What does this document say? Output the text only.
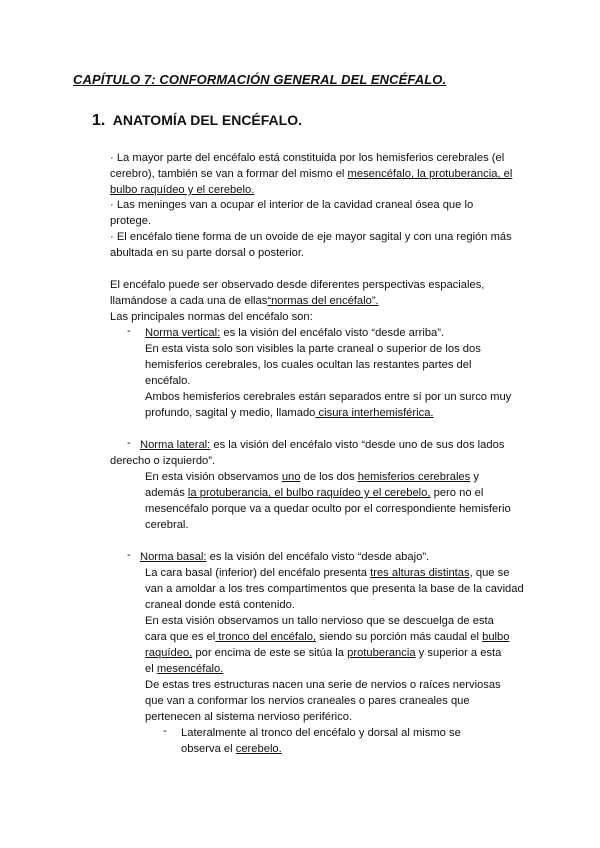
CAPÍTULO 7: CONFORMACIÓN GENERAL DEL ENCÉFALO.
1. ANATOMÍA DEL ENCÉFALO.
· La mayor parte del encéfalo está constituida por los hemisferios cerebrales (el cerebro), también se van a formar del mismo el mesencéfalo, la protuberancia, el bulbo raquídeo y el cerebelo.
· Las meninges van a ocupar el interior de la cavidad craneal ósea que lo protege.
· El encéfalo tiene forma de un ovoide de eje mayor sagital y con una región más abultada en su parte dorsal o posterior.
El encéfalo puede ser observado desde diferentes perspectivas espaciales, llamándose a cada una de ellas“normas del encéfalo”.
Las principales normas del encéfalo son:
- Norma vertical: es la visión del encéfalo visto “desde arriba”.
En esta vista solo son visibles la parte craneal o superior de los dos hemisferios cerebrales, los cuales ocultan las restantes partes del encéfalo.
Ambos hemisferios cerebrales están separados entre sí por un surco muy profundo, sagital y medio, llamado cisura interhemisférica.
- Norma lateral: es la visión del encéfalo visto “desde uno de sus dos lados derecho o izquierdo”.
En esta visión observamos uno de los dos hemisferios cerebrales y además la protuberancia, el bulbo raquídeo y el cerebelo, pero no el mesencéfalo porque va a quedar oculto por el correspondiente hemisferio cerebral.
- Norma basal: es la visión del encéfalo visto “desde abajo”.
La cara basal (inferior) del encéfalo presenta tres alturas distintas, que se van a amoldar a los tres compartimentos que presenta la base de la cavidad craneal donde está contenido.
En esta visión observamos un tallo nervioso que se descuelga de esta cara que es el tronco del encéfalo, siendo su porción más caudal el bulbo raquídeo, por encima de este se sitúa la protuberancia y superior a esta el mesencéfalo.
De estas tres estructuras nacen una serie de nervios o raíces nerviosas que van a conformar los nervios craneales o pares craneales que pertenecen al sistema nervioso periférico.
- Lateralmente al tronco del encéfalo y dorsal al mismo se observa el cerebelo.
